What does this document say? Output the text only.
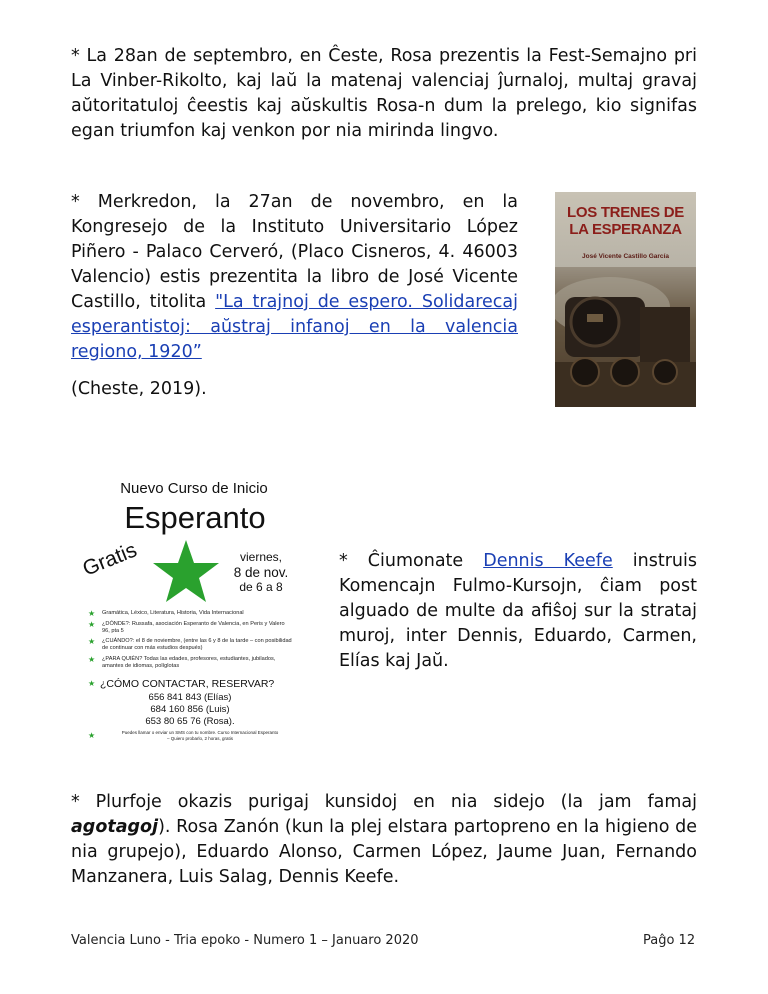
* La 28an de septembro, en Ĉeste, Rosa prezentis la Fest-Semajno pri La Vinber-Rikolto, kaj laŭ la matenaj valenciaj ĵurnaloj, multaj gravaj aŭtoritatuloj ĉeestis kaj aŭskultis Rosa-n dum la prelego, kio signifas egan triumfon kaj venkon por nia mirinda lingvo.
* Merkredon, la 27an de novembro, en la Kongresejo de la Instituto Universitario López Piñero - Palaco Cerveró, (Placo Cisneros, 4. 46003 Valencio) estis prezentita la libro de José Vicente Castillo, titolita "La trajnoj de espero. Solidarecaj esperantistoj: aŭstraj infanoj en la valencia regiono, 1920”
(Cheste, 2019).
LOS TRENES DE LA ESPERANZA
José Vicente Castillo García
Nuevo Curso de Inicio
Esperanto
Gratis	viernes,
8 de nov.
de 6 a 8
★ Gramática, Léxico, Literatura, Historia, Vida Internacional
★ ¿DÓNDE?: Russafa, asociación Esperanto de Valencia, en Peris y Valero 96, pta 5
★ ¿CUÁNDO?: el 8 de noviembre, (entre las 6 y 8 de la tarde – con posibilidad de continuar con más estudios después)
★ ¿PARA QUIÉN? Todas las edades, profesores, estudiantes, jubilados, amantes de idiomas, políglotas
★ ¿CÓMO CONTACTAR, RESERVAR?
656 841 843 (Elías)
684 160 856 (Luis)
653 80 65 76 (Rosa).
★	Puedes llamar o enviar un SMS con tu nombre. Curso Internacional Esperanto – Quiero probarlo, 2 horas, gratis
* Ĉiumonate Dennis Keefe instruis Komencajn Fulmo-Kursojn, ĉiam post alguado de multe da afiŝoj sur la strataj muroj, inter Dennis, Eduardo, Carmen, Elías kaj Jaŭ.
* Plurfoje okazis purigaj kunsidoj en nia sidejo (la jam famaj agotagoj). Rosa Zanón (kun la plej elstara partopreno en la higieno de nia grupejo), Eduardo Alonso, Carmen López, Jaume Juan, Fernando Manzanera, Luis Salag, Dennis Keefe.
Valencia Luno - Tria epoko - Numero 1 – Januaro 2020	Paĝo 12
